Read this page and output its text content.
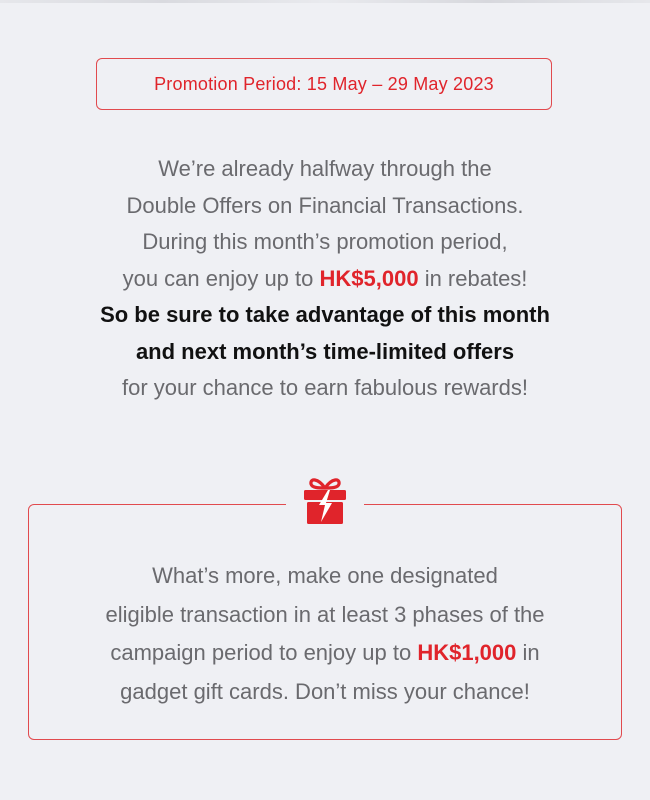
Promotion Period: 15 May – 29 May 2023
We’re already halfway through the
Double Offers on Financial Transactions.
During this month’s promotion period,
you can enjoy up to HK$5,000 in rebates!
So be sure to take advantage of this month
and next month’s time-limited offers
for your chance to earn fabulous rewards!
What’s more, make one designated
eligible transaction in at least 3 phases of the
campaign period to enjoy up to HK$1,000 in
gadget gift cards. Don’t miss your chance!
